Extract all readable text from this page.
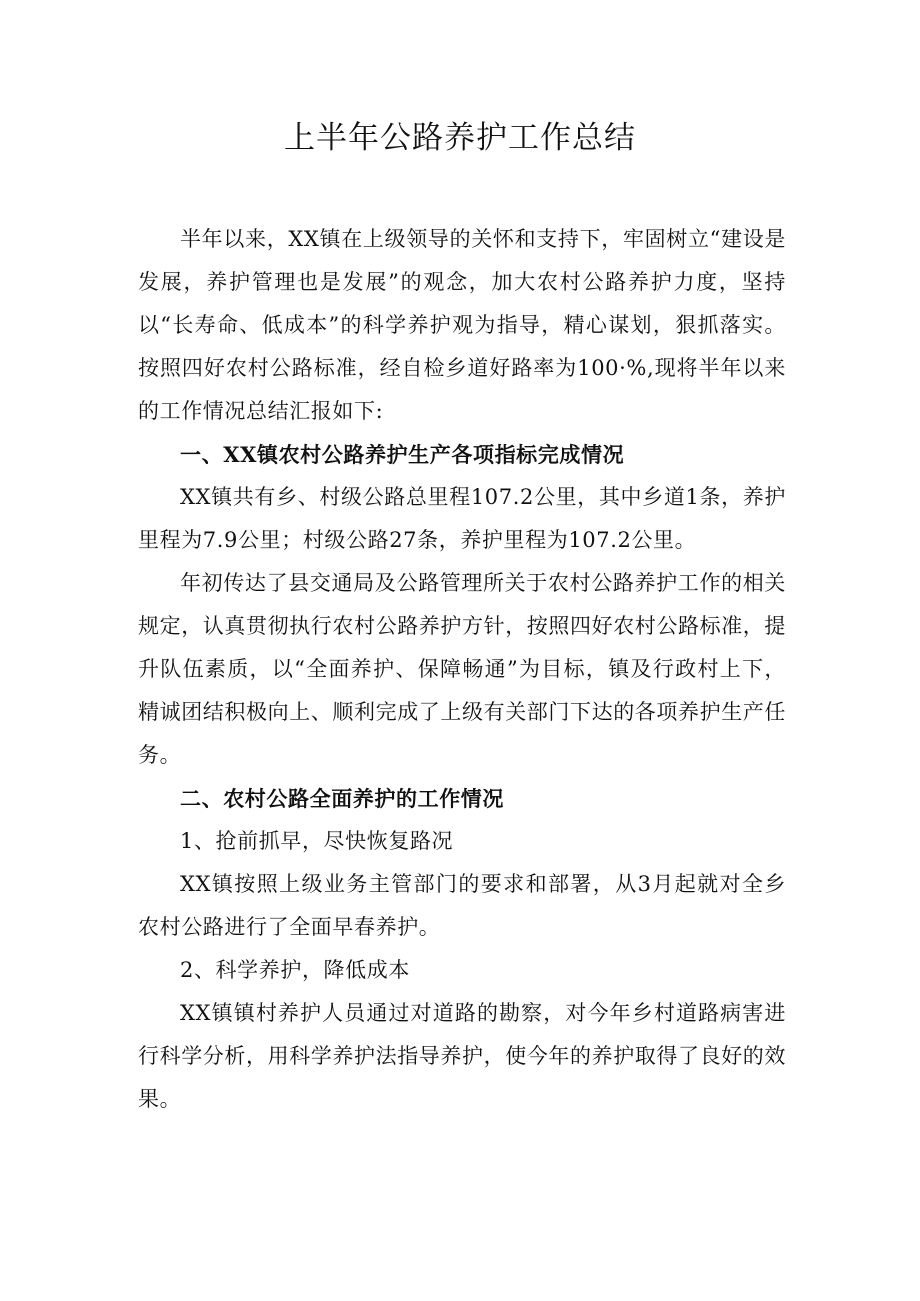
上半年公路养护工作总结

半年以来，XX镇在上级领导的关怀和支持下，牢固树立“建设是发展，养护管理也是发展”的观念，加大农村公路养护力度，坚持以“长寿命、低成本”的科学养护观为指导，精心谋划，狠抓落实。按照四好农村公路标准，经自检乡道好路率为100·%,现将半年以来的工作情况总结汇报如下:

一、XX镇农村公路养护生产各项指标完成情况

XX镇共有乡、村级公路总里程107.2公里，其中乡道1条，养护里程为7.9公里；村级公路27条，养护里程为107.2公里。

年初传达了县交通局及公路管理所关于农村公路养护工作的相关规定，认真贯彻执行农村公路养护方针，按照四好农村公路标准，提升队伍素质，以“全面养护、保障畅通”为目标，镇及行政村上下，精诚团结积极向上、顺利完成了上级有关部门下达的各项养护生产任务。

二、农村公路全面养护的工作情况

1、抢前抓早，尽快恢复路况

XX镇按照上级业务主管部门的要求和部署，从3月起就对全乡农村公路进行了全面早春养护。

2、科学养护，降低成本

XX镇镇村养护人员通过对道路的勘察，对今年乡村道路病害进行科学分析，用科学养护法指导养护，使今年的养护取得了良好的效果。
